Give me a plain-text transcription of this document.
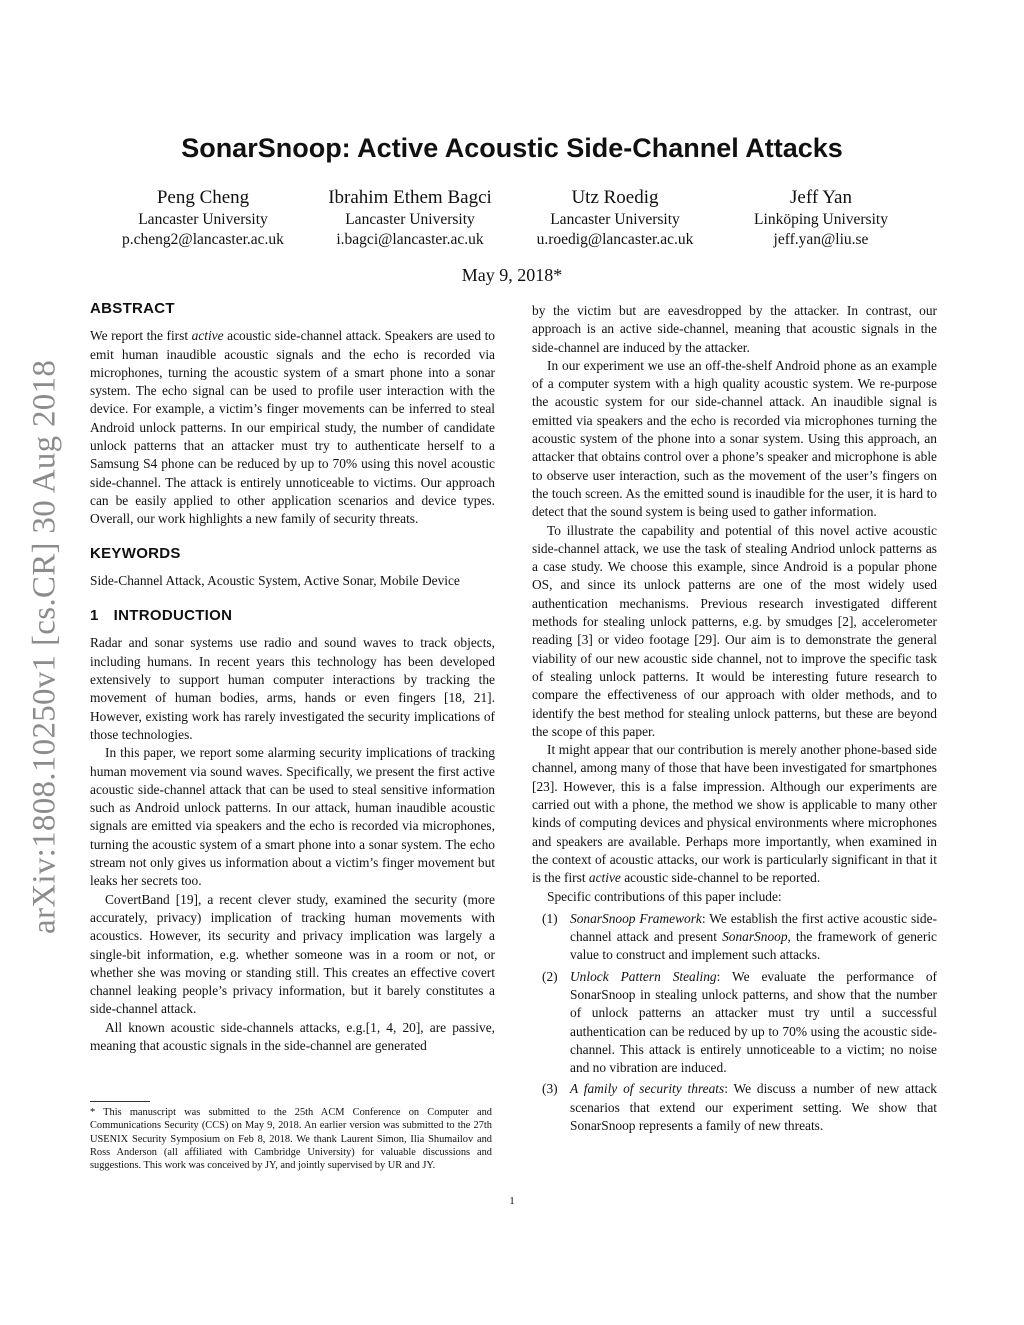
arXiv:1808.10250v1 [cs.CR] 30 Aug 2018
SonarSnoop: Active Acoustic Side-Channel Attacks
Peng Cheng
Lancaster University
p.cheng2@lancaster.ac.uk
Ibrahim Ethem Bagci
Lancaster University
i.bagci@lancaster.ac.uk
Utz Roedig
Lancaster University
u.roedig@lancaster.ac.uk
Jeff Yan
Linköping University
jeff.yan@liu.se
May 9, 2018*
ABSTRACT

We report the first active acoustic side-channel attack. Speakers are used to emit human inaudible acoustic signals and the echo is recorded via microphones, turning the acoustic system of a smart phone into a sonar system. The echo signal can be used to profile user interaction with the device. For example, a victim’s finger movements can be inferred to steal Android unlock patterns. In our empirical study, the number of candidate unlock patterns that an attacker must try to authenticate herself to a Samsung S4 phone can be reduced by up to 70% using this novel acoustic side-channel. The attack is entirely unnoticeable to victims. Our approach can be easily applied to other application scenarios and device types. Overall, our work highlights a new family of security threats.

KEYWORDS

Side-Channel Attack, Acoustic System, Active Sonar, Mobile Device

1 INTRODUCTION

Radar and sonar systems use radio and sound waves to track objects, including humans. In recent years this technology has been developed extensively to support human computer interactions by tracking the movement of human bodies, arms, hands or even fingers [18, 21]. However, existing work has rarely investigated the security implications of those technologies.

In this paper, we report some alarming security implications of tracking human movement via sound waves. Specifically, we present the first active acoustic side-channel attack that can be used to steal sensitive information such as Android unlock patterns. In our attack, human inaudible acoustic signals are emitted via speakers and the echo is recorded via microphones, turning the acoustic system of a smart phone into a sonar system. The echo stream not only gives us information about a victim’s finger movement but leaks her secrets too.

CovertBand [19], a recent clever study, examined the security (more accurately, privacy) implication of tracking human movements with acoustics. However, its security and privacy implication was largely a single-bit information, e.g. whether someone was in a room or not, or whether she was moving or standing still. This creates an effective covert channel leaking people’s privacy information, but it barely constitutes a side-channel attack.

All known acoustic side-channels attacks, e.g.[1, 4, 20], are passive, meaning that acoustic signals in the side-channel are generated

* This manuscript was submitted to the 25th ACM Conference on Computer and Communications Security (CCS) on May 9, 2018. An earlier version was submitted to the 27th USENIX Security Symposium on Feb 8, 2018. We thank Laurent Simon, Ilia Shumailov and Ross Anderson (all affiliated with Cambridge University) for valuable discussions and suggestions. This work was conceived by JY, and jointly supervised by UR and JY.

by the victim but are eavesdropped by the attacker. In contrast, our approach is an active side-channel, meaning that acoustic signals in the side-channel are induced by the attacker.

In our experiment we use an off-the-shelf Android phone as an example of a computer system with a high quality acoustic system. We re-purpose the acoustic system for our side-channel attack. An inaudible signal is emitted via speakers and the echo is recorded via microphones turning the acoustic system of the phone into a sonar system. Using this approach, an attacker that obtains control over a phone’s speaker and microphone is able to observe user interaction, such as the movement of the user’s fingers on the touch screen. As the emitted sound is inaudible for the user, it is hard to detect that the sound system is being used to gather information.

To illustrate the capability and potential of this novel active acoustic side-channel attack, we use the task of stealing Andriod unlock patterns as a case study. We choose this example, since Android is a popular phone OS, and since its unlock patterns are one of the most widely used authentication mechanisms. Previous research investigated different methods for stealing unlock patterns, e.g. by smudges [2], accelerometer reading [3] or video footage [29]. Our aim is to demonstrate the general viability of our new acoustic side channel, not to improve the specific task of stealing unlock patterns. It would be interesting future research to compare the effectiveness of our approach with older methods, and to identify the best method for stealing unlock patterns, but these are beyond the scope of this paper.

It might appear that our contribution is merely another phone-based side channel, among many of those that have been investigated for smartphones [23]. However, this is a false impression. Although our experiments are carried out with a phone, the method we show is applicable to many other kinds of computing devices and physical environments where microphones and speakers are available. Perhaps more importantly, when examined in the context of acoustic attacks, our work is particularly significant in that it is the first active acoustic side-channel to be reported.

Specific contributions of this paper include:

(1) SonarSnoop Framework: We establish the first active acoustic side-channel attack and present SonarSnoop, the framework of generic value to construct and implement such attacks.
(2) Unlock Pattern Stealing: We evaluate the performance of SonarSnoop in stealing unlock patterns, and show that the number of unlock patterns an attacker must try until a successful authentication can be reduced by up to 70% using the acoustic side-channel. This attack is entirely unnoticeable to a victim; no noise and no vibration are induced.
(3) A family of security threats: We discuss a number of new attack scenarios that extend our experiment setting. We show that SonarSnoop represents a family of new threats.
1
